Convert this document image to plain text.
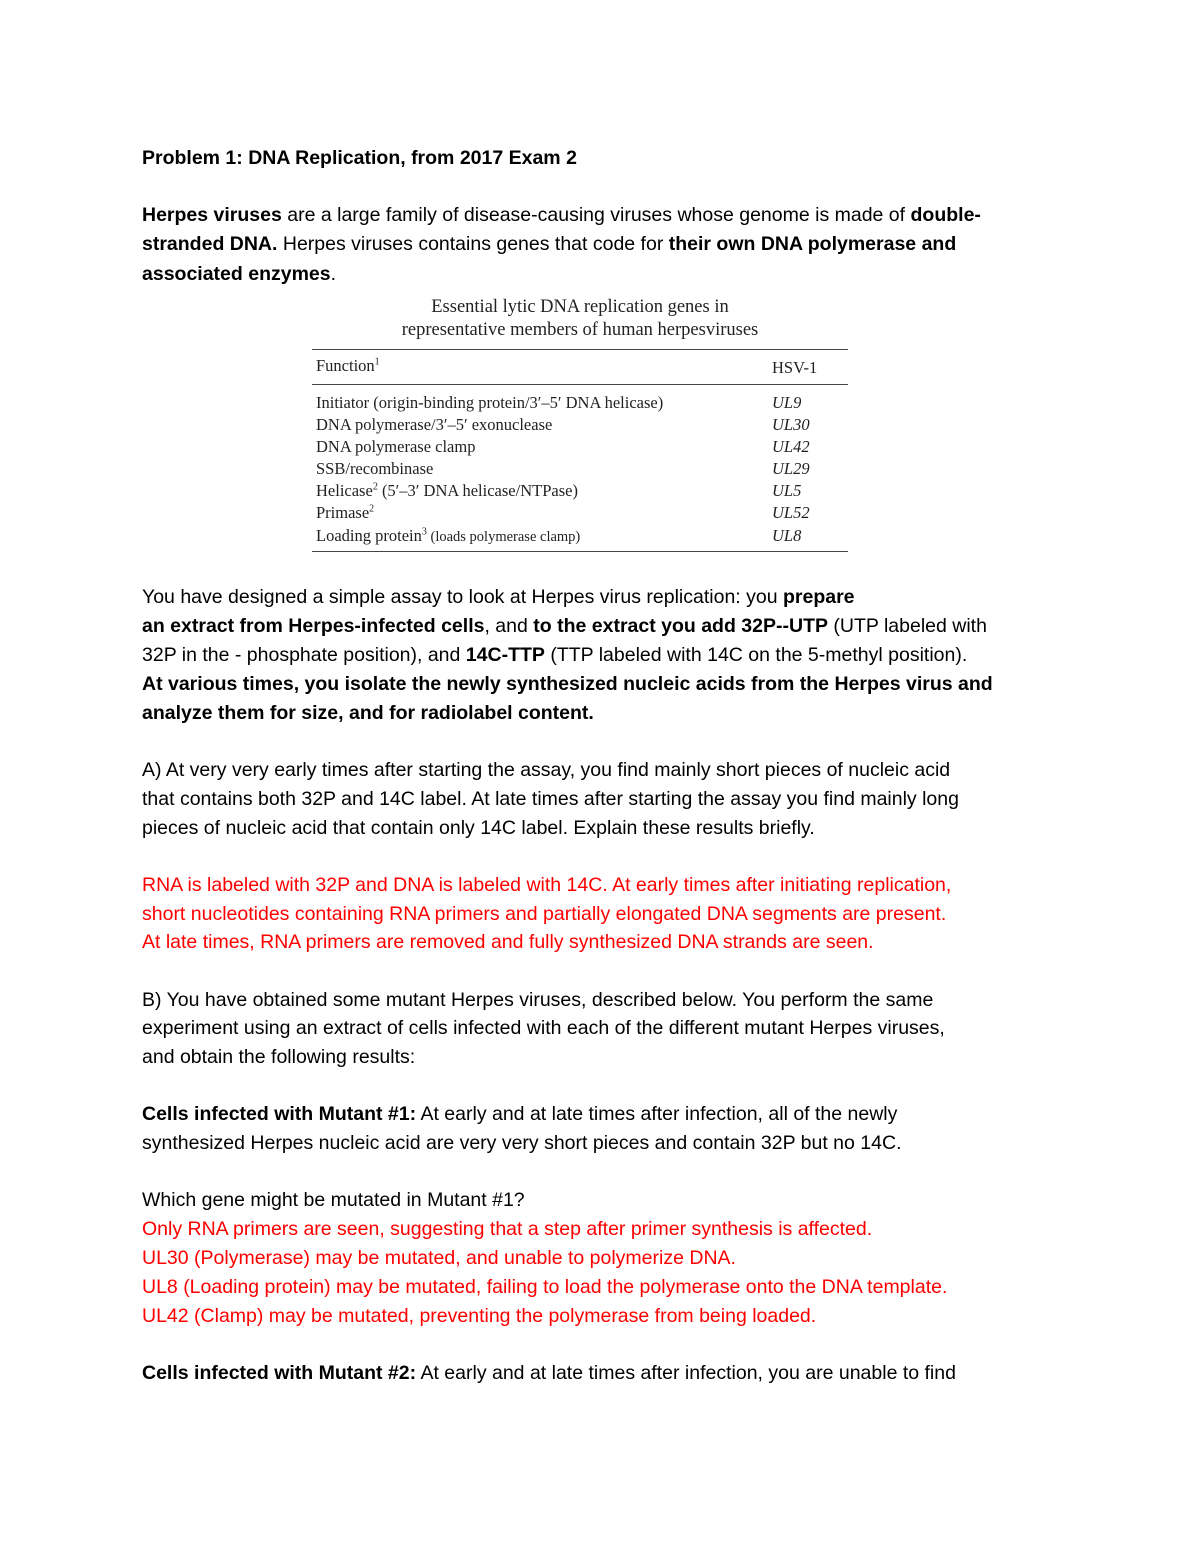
Problem 1: DNA Replication, from 2017 Exam 2
Herpes viruses are a large family of disease-causing viruses whose genome is made of double-
stranded DNA. Herpes viruses contains genes that code for their own DNA polymerase and
associated enzymes.
Essential lytic DNA replication genes in
representative members of human herpesviruses
Function$^1$	HSV-1
Initiator (origin-binding protein/3′–5′ DNA helicase)	UL9
DNA polymerase/3′–5′ exonuclease	UL30
DNA polymerase clamp	UL42
SSB/recombinase	UL29
Helicase$^2$ (5′–3′ DNA helicase/NTPase)	UL5
Primase$^2$	UL52
Loading protein$^3$ (loads polymerase clamp)	UL8
You have designed a simple assay to look at Herpes virus replication: you prepare
an extract from Herpes-infected cells, and to the extract you add 32P--UTP (UTP labeled with
32P in the - phosphate position), and 14C-TTP (TTP labeled with 14C on the 5-methyl position).
At various times, you isolate the newly synthesized nucleic acids from the Herpes virus and
analyze them for size, and for radiolabel content.
A) At very very early times after starting the assay, you find mainly short pieces of nucleic acid
that contains both 32P and 14C label. At late times after starting the assay you find mainly long
pieces of nucleic acid that contain only 14C label. Explain these results briefly.
RNA is labeled with 32P and DNA is labeled with 14C. At early times after initiating replication,
short nucleotides containing RNA primers and partially elongated DNA segments are present.
At late times, RNA primers are removed and fully synthesized DNA strands are seen.
B) You have obtained some mutant Herpes viruses, described below. You perform the same
experiment using an extract of cells infected with each of the different mutant Herpes viruses,
and obtain the following results:
Cells infected with Mutant #1: At early and at late times after infection, all of the newly
synthesized Herpes nucleic acid are very very short pieces and contain 32P but no 14C.
Which gene might be mutated in Mutant #1?
Only RNA primers are seen, suggesting that a step after primer synthesis is affected.
UL30 (Polymerase) may be mutated, and unable to polymerize DNA.
UL8 (Loading protein) may be mutated, failing to load the polymerase onto the DNA template.
UL42 (Clamp) may be mutated, preventing the polymerase from being loaded.
Cells infected with Mutant #2: At early and at late times after infection, you are unable to find
